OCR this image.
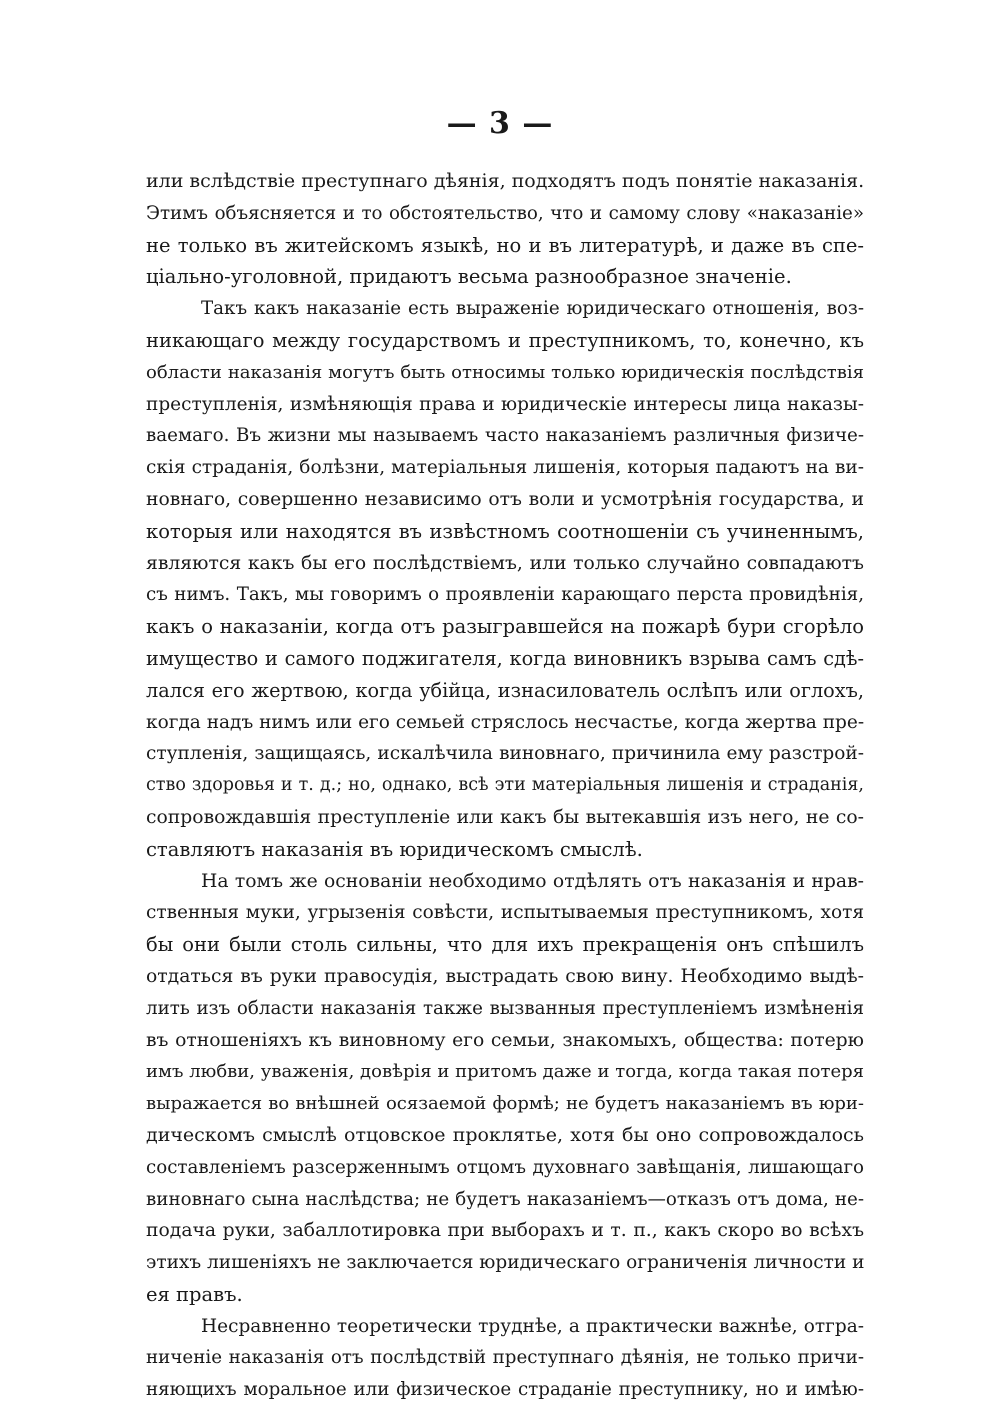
— 3 —
или вслѣдствіе преступнаго дѣянія, подходятъ подъ понятіе наказанія.
Этимъ объясняется и то обстоятельство, что и самому слову «наказаніе»
не только въ житейскомъ языкѣ, но и въ литературѣ, и даже въ спе-
ціально-уголовной, придаютъ весьма разнообразное значеніе.
Такъ какъ наказаніе есть выраженіе юридическаго отношенія, воз-
никающаго между государствомъ и преступникомъ, то, конечно, къ
области наказанія могутъ быть относимы только юридическія послѣдствія
преступленія, измѣняющія права и юридическіе интересы лица наказы-
ваемаго. Въ жизни мы называемъ часто наказаніемъ различныя физиче-
скія страданія, болѣзни, матеріальныя лишенія, которыя падаютъ на ви-
новнаго, совершенно независимо отъ воли и усмотрѣнія государства, и
которыя или находятся въ извѣстномъ соотношеніи съ учиненнымъ,
являются какъ бы его послѣдствіемъ, или только случайно совпадаютъ
съ нимъ. Такъ, мы говоримъ о проявленіи карающаго перста провидѣнія,
какъ о наказаніи, когда отъ разыгравшейся на пожарѣ бури сгорѣло
имущество и самого поджигателя, когда виновникъ взрыва самъ сдѣ-
лался его жертвою, когда убійца, изнасилователь ослѣпъ или оглохъ,
когда надъ нимъ или его семьей стряслось несчастье, когда жертва пре-
ступленія, защищаясь, искалѣчила виновнаго, причинила ему разстрой-
ство здоровья и т. д.; но, однако, всѣ эти матеріальныя лишенія и страданія,
сопровождавшія преступленіе или какъ бы вытекавшія изъ него, не со-
ставляютъ наказанія въ юридическомъ смыслѣ.
На томъ же основаніи необходимо отдѣлять отъ наказанія и нрав-
ственныя муки, угрызенія совѣсти, испытываемыя преступникомъ, хотя
бы они были столь сильны, что для ихъ прекращенія онъ спѣшилъ
отдаться въ руки правосудія, выстрадать свою вину. Необходимо выдѣ-
лить изъ области наказанія также вызванныя преступленіемъ измѣненія
въ отношеніяхъ къ виновному его семьи, знакомыхъ, общества: потерю
имъ любви, уваженія, довѣрія и притомъ даже и тогда, когда такая потеря
выражается во внѣшней осязаемой формѣ; не будетъ наказаніемъ въ юри-
дическомъ смыслѣ отцовское проклятье, хотя бы оно сопровождалось
составленіемъ разсерженнымъ отцомъ духовнаго завѣщанія, лишающаго
виновнаго сына наслѣдства; не будетъ наказаніемъ—отказъ отъ дома, не-
подача руки, забаллотировка при выборахъ и т. п., какъ скоро во всѣхъ
этихъ лишеніяхъ не заключается юридическаго ограниченія личности и
ея правъ.
Несравненно теоретически труднѣе, а практически важнѣе, отгра-
ниченіе наказанія отъ послѣдствій преступнаго дѣянія, не только причи-
няющихъ моральное или физическое страданіе преступнику, но и имѣю-
